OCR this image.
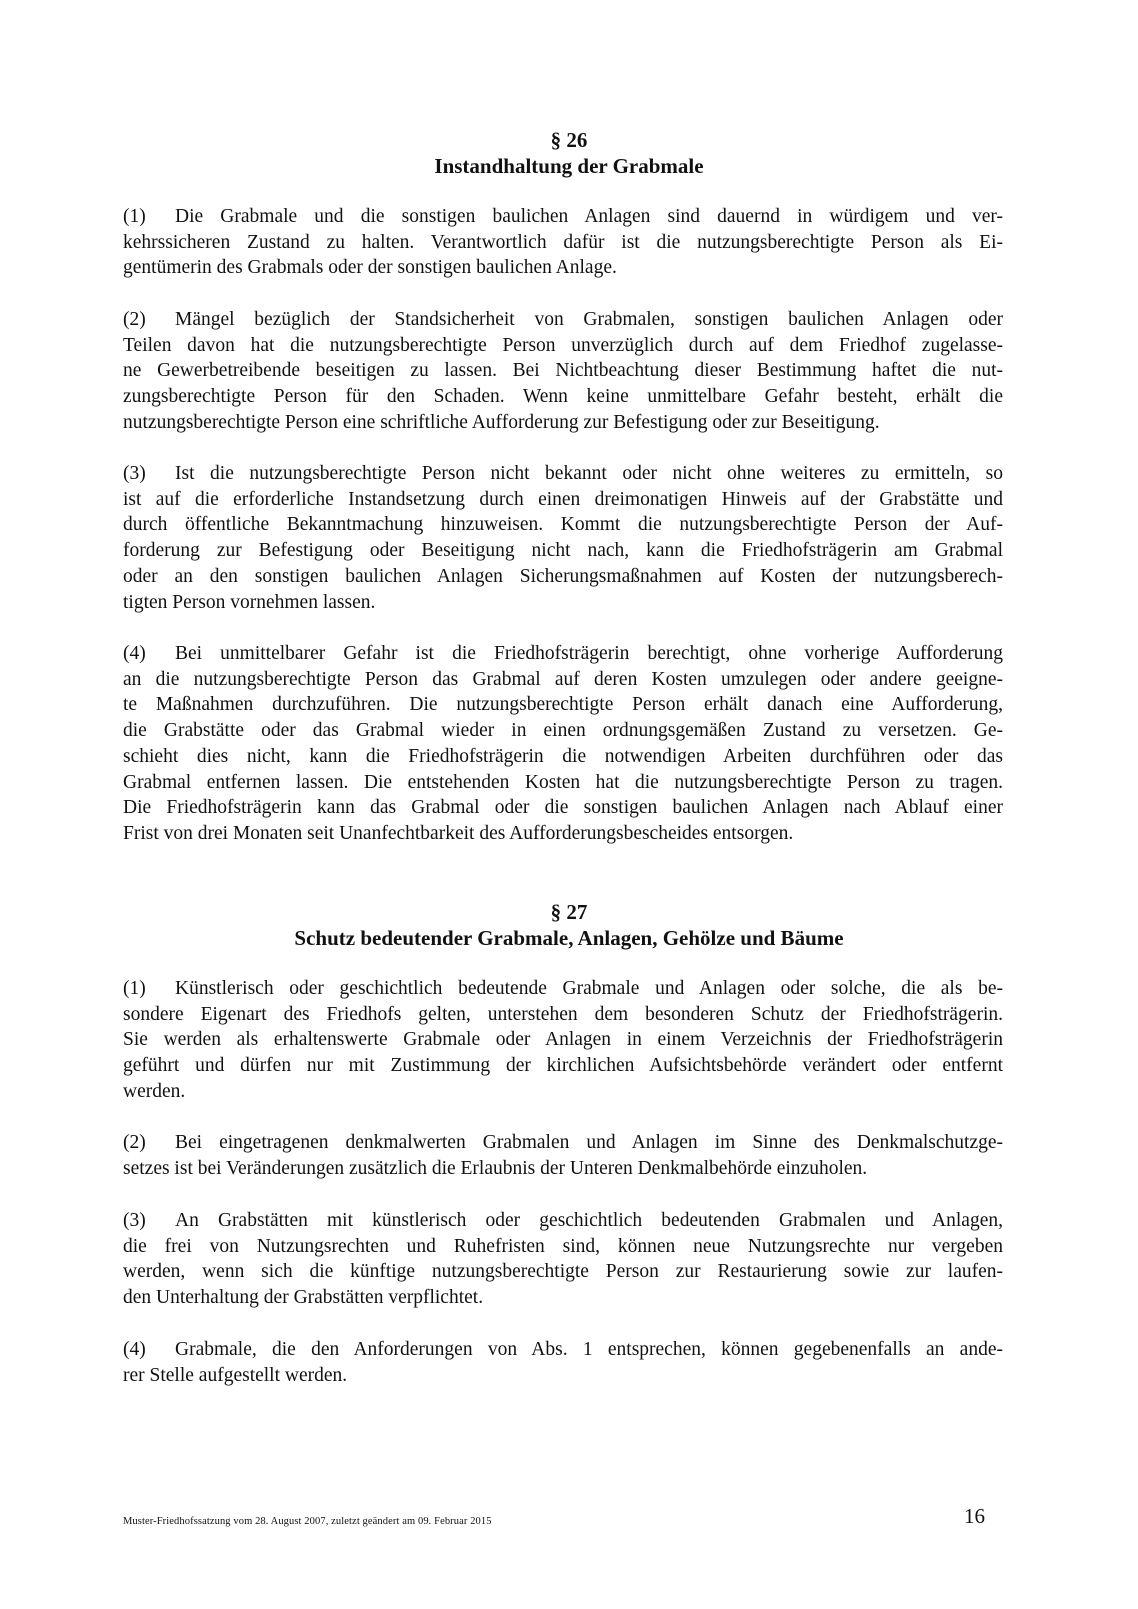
§ 26
Instandhaltung der Grabmale
(1) Die Grabmale und die sonstigen baulichen Anlagen sind dauernd in würdigem und ver-
kehrssicheren Zustand zu halten. Verantwortlich dafür ist die nutzungsberechtigte Person als Ei-
gentümerin des Grabmals oder der sonstigen baulichen Anlage.
(2) Mängel bezüglich der Standsicherheit von Grabmalen, sonstigen baulichen Anlagen oder
Teilen davon hat die nutzungsberechtigte Person unverzüglich durch auf dem Friedhof zugelasse-
ne Gewerbetreibende beseitigen zu lassen. Bei Nichtbeachtung dieser Bestimmung haftet die nut-
zungsberechtigte Person für den Schaden. Wenn keine unmittelbare Gefahr besteht, erhält die
nutzungsberechtigte Person eine schriftliche Aufforderung zur Befestigung oder zur Beseitigung.
(3) Ist die nutzungsberechtigte Person nicht bekannt oder nicht ohne weiteres zu ermitteln, so
ist auf die erforderliche Instandsetzung durch einen dreimonatigen Hinweis auf der Grabstätte und
durch öffentliche Bekanntmachung hinzuweisen. Kommt die nutzungsberechtigte Person der Auf-
forderung zur Befestigung oder Beseitigung nicht nach, kann die Friedhofsträgerin am Grabmal
oder an den sonstigen baulichen Anlagen Sicherungsmaßnahmen auf Kosten der nutzungsberech-
tigten Person vornehmen lassen.
(4) Bei unmittelbarer Gefahr ist die Friedhofsträgerin berechtigt, ohne vorherige Aufforderung
an die nutzungsberechtigte Person das Grabmal auf deren Kosten umzulegen oder andere geeigne-
te Maßnahmen durchzuführen. Die nutzungsberechtigte Person erhält danach eine Aufforderung,
die Grabstätte oder das Grabmal wieder in einen ordnungsgemäßen Zustand zu versetzen. Ge-
schieht dies nicht, kann die Friedhofsträgerin die notwendigen Arbeiten durchführen oder das
Grabmal entfernen lassen. Die entstehenden Kosten hat die nutzungsberechtigte Person zu tragen.
Die Friedhofsträgerin kann das Grabmal oder die sonstigen baulichen Anlagen nach Ablauf einer
Frist von drei Monaten seit Unanfechtbarkeit des Aufforderungsbescheides entsorgen.
§ 27
Schutz bedeutender Grabmale, Anlagen, Gehölze und Bäume
(1) Künstlerisch oder geschichtlich bedeutende Grabmale und Anlagen oder solche, die als be-
sondere Eigenart des Friedhofs gelten, unterstehen dem besonderen Schutz der Friedhofsträgerin.
Sie werden als erhaltenswerte Grabmale oder Anlagen in einem Verzeichnis der Friedhofsträgerin
geführt und dürfen nur mit Zustimmung der kirchlichen Aufsichtsbehörde verändert oder entfernt
werden.
(2) Bei eingetragenen denkmalwerten Grabmalen und Anlagen im Sinne des Denkmalschutzge-
setzes ist bei Veränderungen zusätzlich die Erlaubnis der Unteren Denkmalbehörde einzuholen.
(3) An Grabstätten mit künstlerisch oder geschichtlich bedeutenden Grabmalen und Anlagen,
die frei von Nutzungsrechten und Ruhefristen sind, können neue Nutzungsrechte nur vergeben
werden, wenn sich die künftige nutzungsberechtigte Person zur Restaurierung sowie zur laufen-
den Unterhaltung der Grabstätten verpflichtet.
(4) Grabmale, die den Anforderungen von Abs. 1 entsprechen, können gegebenenfalls an ande-
rer Stelle aufgestellt werden.
Muster-Friedhofssatzung vom 28. August 2007, zuletzt geändert am 09. Februar 2015	16
